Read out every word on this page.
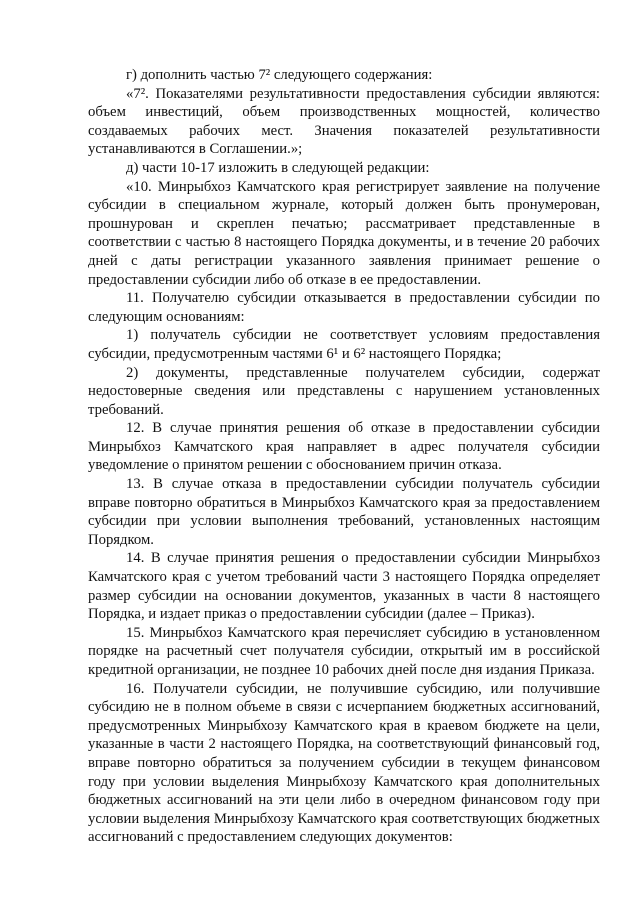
г) дополнить частью 7² следующего содержания:

«7². Показателями результативности предоставления субсидии являются: объем инвестиций, объем производственных мощностей, количество создаваемых рабочих мест. Значения показателей результативности устанавливаются в Соглашении.»;

д) части 10-17 изложить в следующей редакции:

«10. Минрыбхоз Камчатского края регистрирует заявление на получение субсидии в специальном журнале, который должен быть пронумерован, прошнурован и скреплен печатью; рассматривает представленные в соответствии с частью 8 настоящего Порядка документы, и в течение 20 рабочих дней с даты регистрации указанного заявления принимает решение о предоставлении субсидии либо об отказе в ее предоставлении.

11. Получателю субсидии отказывается в предоставлении субсидии по следующим основаниям:

1) получатель субсидии не соответствует условиям предоставления субсидии, предусмотренным частями 6¹ и 6² настоящего Порядка;

2) документы, представленные получателем субсидии, содержат недостоверные сведения или представлены с нарушением установленных требований.

12. В случае принятия решения об отказе в предоставлении субсидии Минрыбхоз Камчатского края направляет в адрес получателя субсидии уведомление о принятом решении с обоснованием причин отказа.

13. В случае отказа в предоставлении субсидии получатель субсидии вправе повторно обратиться в Минрыбхоз Камчатского края за предоставлением субсидии при условии выполнения требований, установленных настоящим Порядком.

14. В случае принятия решения о предоставлении субсидии Минрыбхоз Камчатского края с учетом требований части 3 настоящего Порядка определяет размер субсидии на основании документов, указанных в части 8 настоящего Порядка, и издает приказ о предоставлении субсидии (далее – Приказ).

15. Минрыбхоз Камчатского края перечисляет субсидию в установленном порядке на расчетный счет получателя субсидии, открытый им в российской кредитной организации, не позднее 10 рабочих дней после дня издания Приказа.

16. Получатели субсидии, не получившие субсидию, или получившие субсидию не в полном объеме в связи с исчерпанием бюджетных ассигнований, предусмотренных Минрыбхозу Камчатского края в краевом бюджете на цели, указанные в части 2 настоящего Порядка, на соответствующий финансовый год, вправе повторно обратиться за получением субсидии в текущем финансовом году при условии выделения Минрыбхозу Камчатского края дополнительных бюджетных ассигнований на эти цели либо в очередном финансовом году при условии выделения Минрыбхозу Камчатского края соответствующих бюджетных ассигнований с предоставлением следующих документов:
